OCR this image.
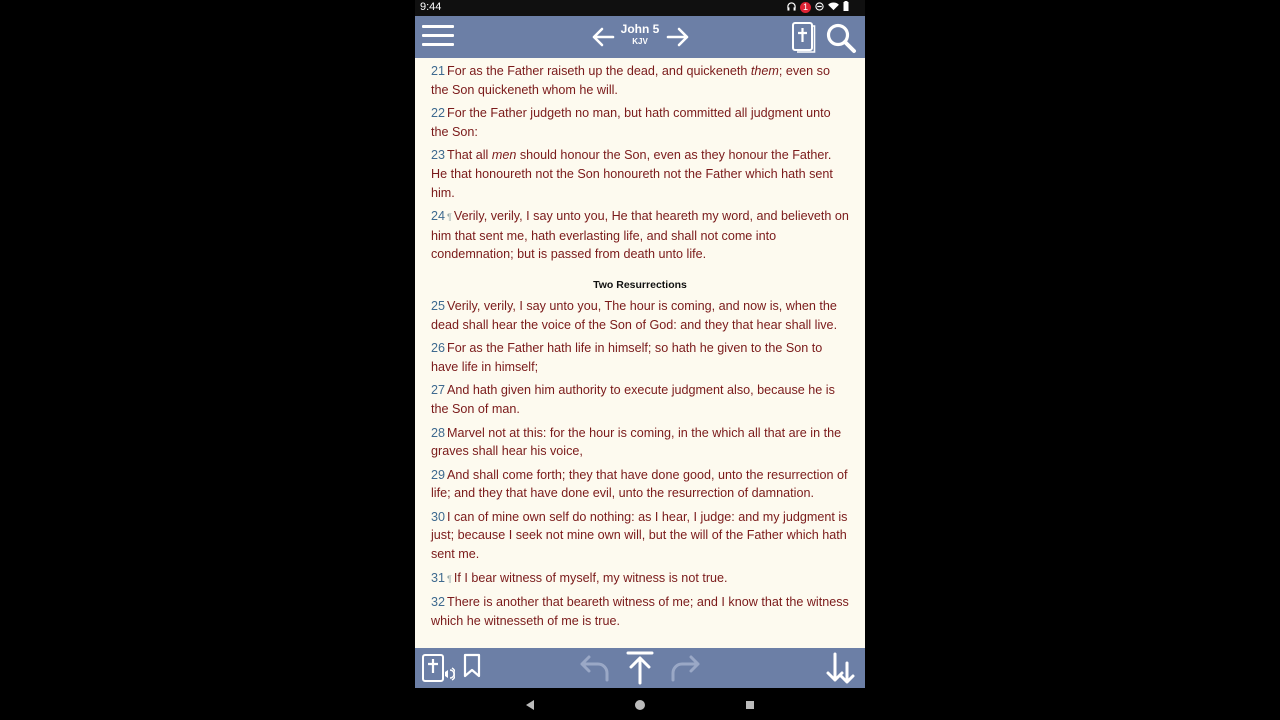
9:44	1
John 5
KJV
21 For as the Father raiseth up the dead, and quickeneth them; even so the Son quickeneth whom he will.
22 For the Father judgeth no man, but hath committed all judgment unto the Son:
23 That all men should honour the Son, even as they honour the Father. He that honoureth not the Son honoureth not the Father which hath sent him.
24 ¶ Verily, verily, I say unto you, He that heareth my word, and believeth on him that sent me, hath everlasting life, and shall not come into condemnation; but is passed from death unto life.
Two Resurrections
25 Verily, verily, I say unto you, The hour is coming, and now is, when the dead shall hear the voice of the Son of God: and they that hear shall live.
26 For as the Father hath life in himself; so hath he given to the Son to have life in himself;
27 And hath given him authority to execute judgment also, because he is the Son of man.
28 Marvel not at this: for the hour is coming, in the which all that are in the graves shall hear his voice,
29 And shall come forth; they that have done good, unto the resurrection of life; and they that have done evil, unto the resurrection of damnation.
30 I can of mine own self do nothing: as I hear, I judge: and my judgment is just; because I seek not mine own will, but the will of the Father which hath sent me.
31 ¶ If I bear witness of myself, my witness is not true.
32 There is another that beareth witness of me; and I know that the witness which he witnesseth of me is true.
